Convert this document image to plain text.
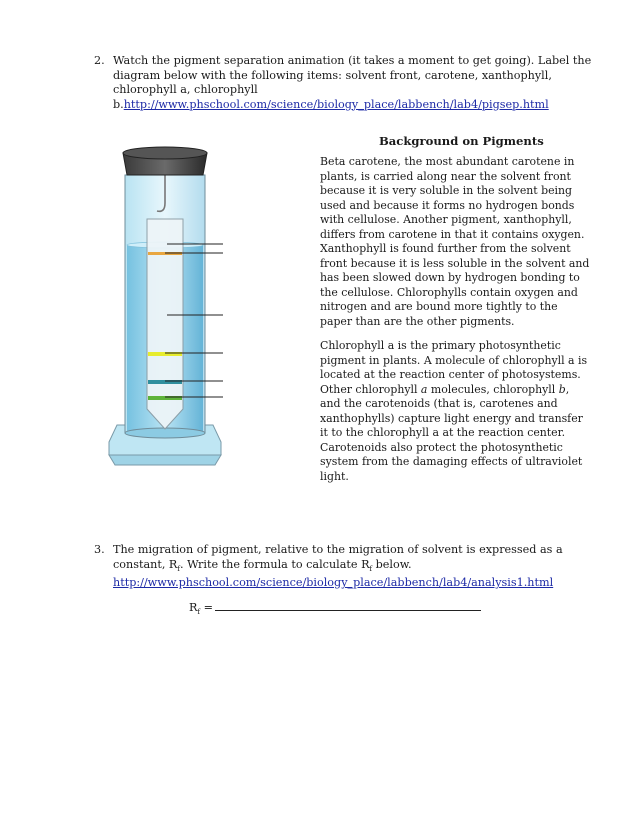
2. Watch the pigment separation animation (it takes a moment to get going). Label the
diagram below with the following items: solvent front, carotene, xanthophyll,
chlorophyll a, chlorophyll
b.http://www.phschool.com/science/biology_place/labbench/lab4/pigsep.html
Background on Pigments
Beta carotene, the most abundant carotene in
plants, is carried along near the solvent front
because it is very soluble in the solvent being
used and because it forms no hydrogen bonds
with cellulose. Another pigment, xanthophyll,
differs from carotene in that it contains oxygen.
Xanthophyll is found further from the solvent
front because it is less soluble in the solvent and
has been slowed down by hydrogen bonding to
the cellulose. Chlorophylls contain oxygen and
nitrogen and are bound more tightly to the
paper than are the other pigments.
Chlorophyll a is the primary photosynthetic
pigment in plants. A molecule of chlorophyll a is
located at the reaction center of photosystems.
Other chlorophyll a molecules, chlorophyll b,
and the carotenoids (that is, carotenes and
xanthophylls) capture light energy and transfer
it to the chlorophyll a at the reaction center.
Carotenoids also protect the photosynthetic
system from the damaging effects of ultraviolet
light.
3. The migration of pigment, relative to the migration of solvent is expressed as a
constant, $R_f$. Write the formula to calculate $R_f$ below.
http://www.phschool.com/science/biology_place/labbench/lab4/analysis1.html
$R_f$ =
